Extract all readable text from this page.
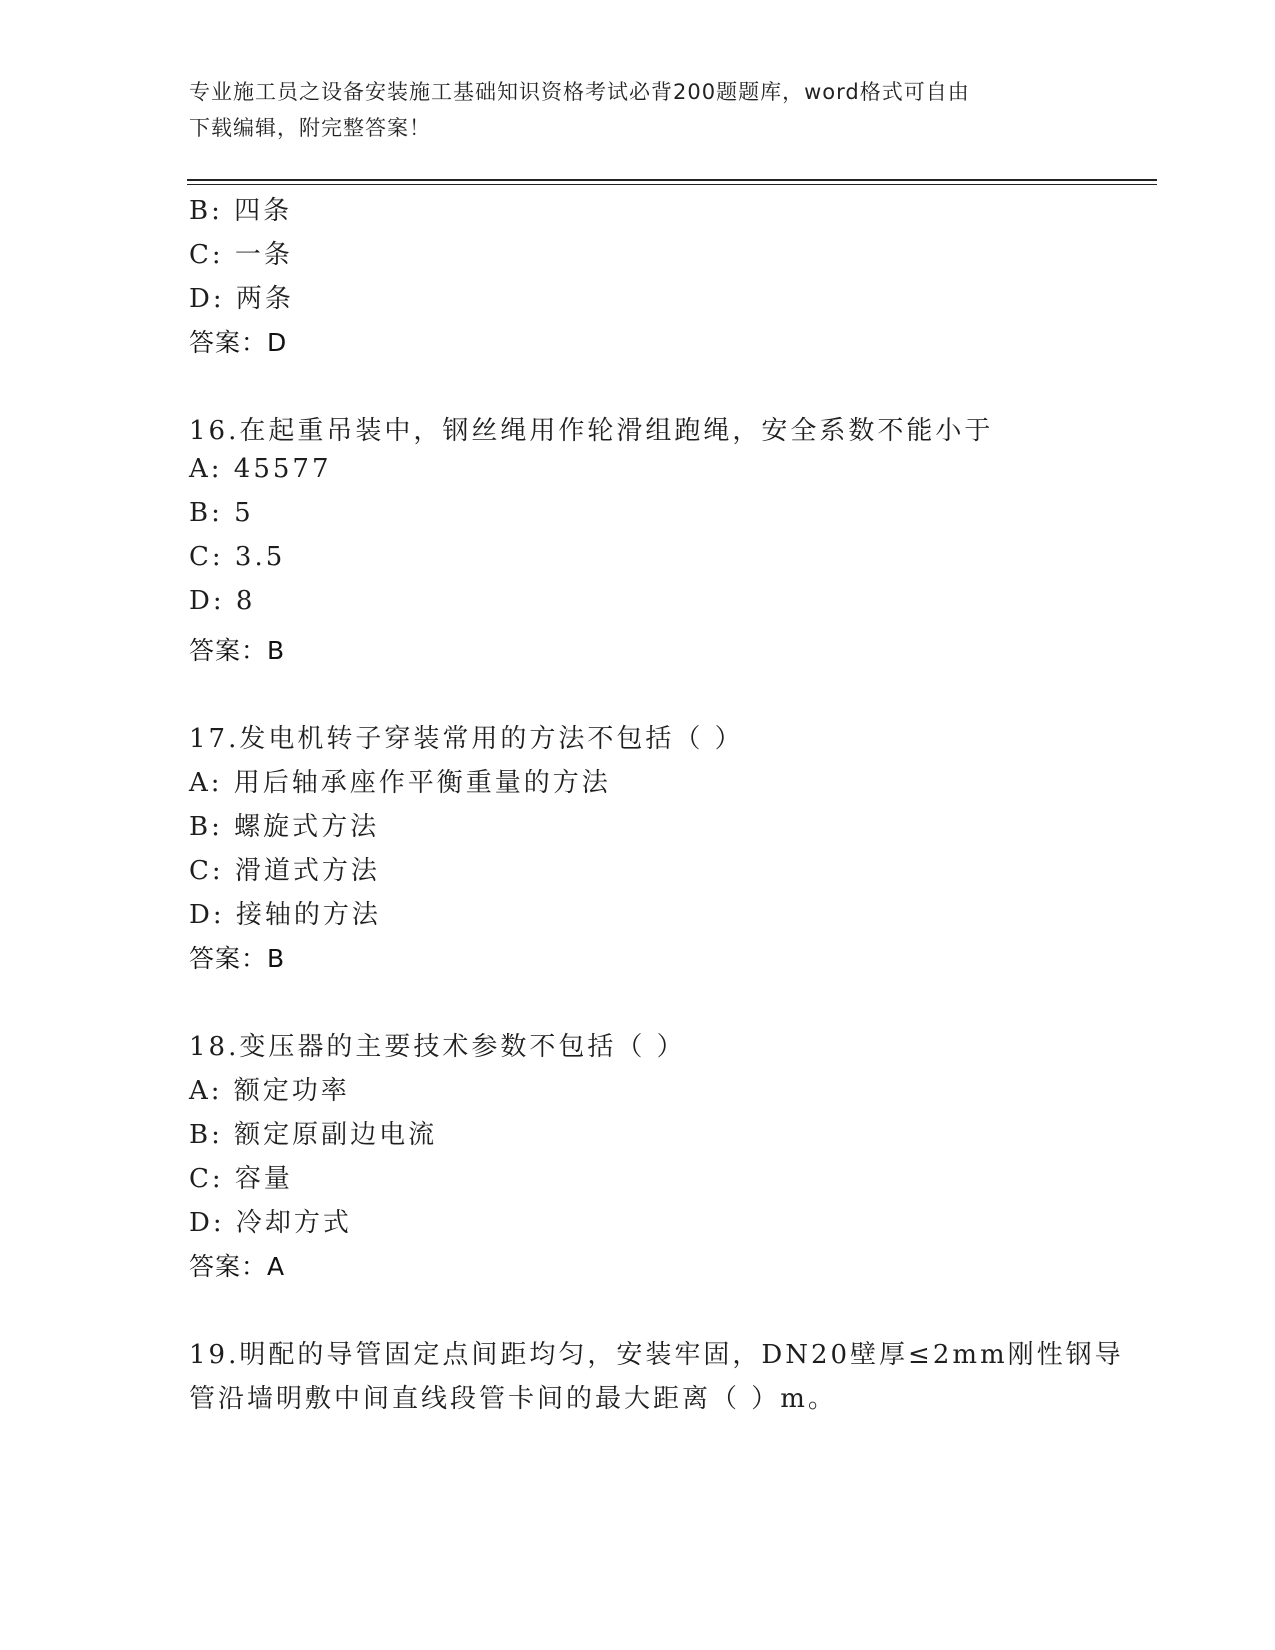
专业施工员之设备安装施工基础知识资格考试必背200题题库，word格式可自由
下载编辑，附完整答案！
B: 四条
C: 一条
D: 两条
答案：D
16.在起重吊装中，钢丝绳用作轮滑组跑绳，安全系数不能小于
A: 45577
B: 5
C: 3.5
D: 8
答案：B
17.发电机转子穿装常用的方法不包括（ ）
A: 用后轴承座作平衡重量的方法
B: 螺旋式方法
C: 滑道式方法
D: 接轴的方法
答案：B
18.变压器的主要技术参数不包括（ ）
A: 额定功率
B: 额定原副边电流
C: 容量
D: 冷却方式
答案：A
19.明配的导管固定点间距均匀，安装牢固，DN20壁厚≤2mm刚性钢导
管沿墙明敷中间直线段管卡间的最大距离（ ）m。
